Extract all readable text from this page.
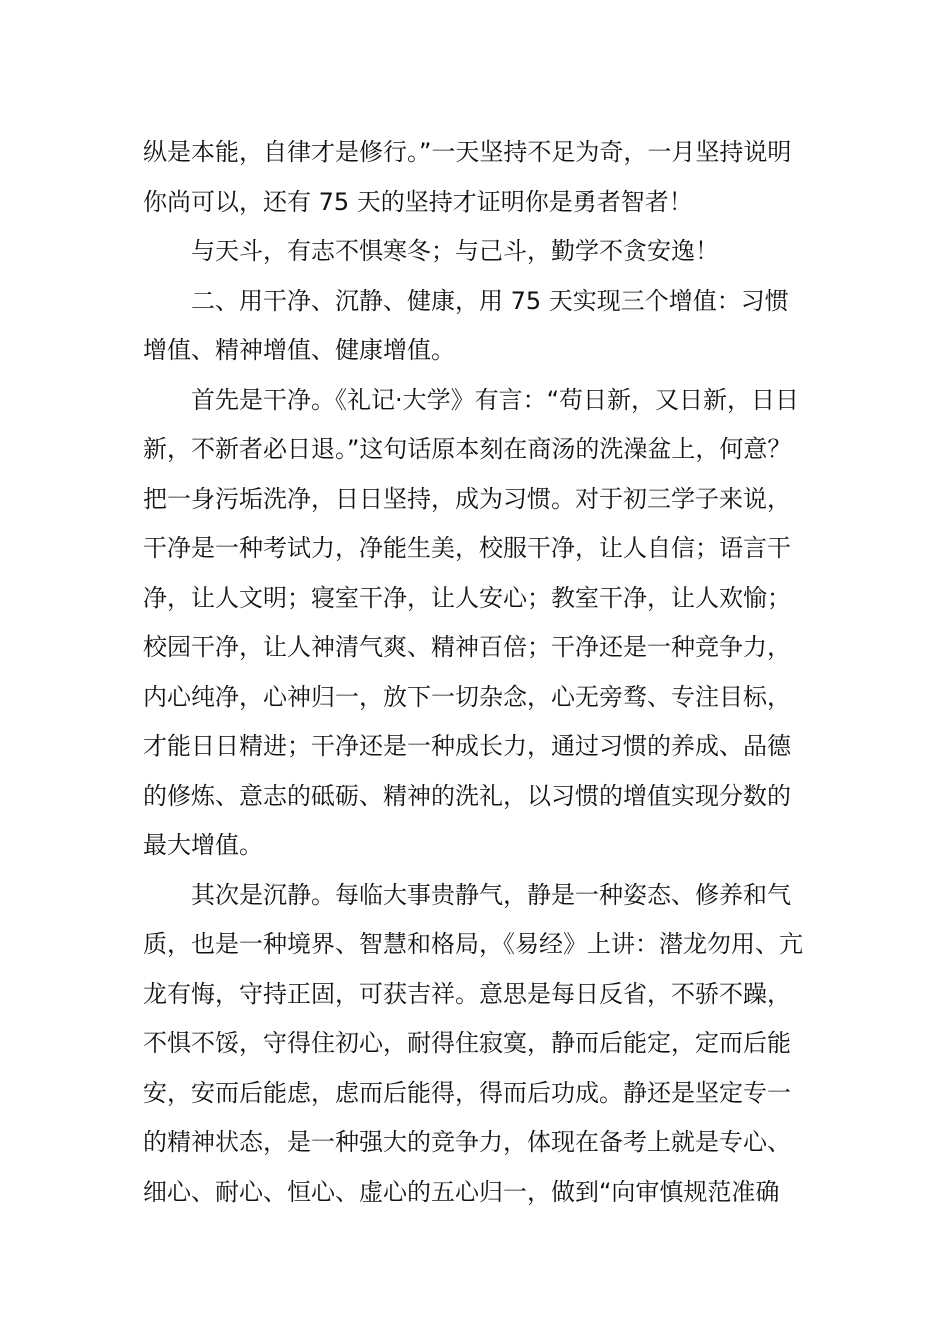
纵是本能，自律才是修行。”一天坚持不足为奇，一月坚持说明你尚可以，还有 75 天的坚持才证明你是勇者智者！

与天斗，有志不惧寒冬；与己斗，勤学不贪安逸！

二、用干净、沉静、健康，用 75 天实现三个增值：习惯增值、精神增值、健康增值。

首先是干净。《礼记·大学》有言：“苟日新，又日新，日日新，不新者必日退。”这句话原本刻在商汤的洗澡盆上，何意？把一身污垢洗净，日日坚持，成为习惯。对于初三学子来说，干净是一种考试力，净能生美，校服干净，让人自信；语言干净，让人文明；寝室干净，让人安心；教室干净，让人欢愉；校园干净，让人神清气爽、精神百倍；干净还是一种竞争力，内心纯净，心神归一，放下一切杂念，心无旁骛、专注目标，才能日日精进；干净还是一种成长力，通过习惯的养成、品德的修炼、意志的砥砺、精神的洗礼，以习惯的增值实现分数的最大增值。

其次是沉静。每临大事贵静气，静是一种姿态、修养和气质，也是一种境界、智慧和格局，《易经》上讲：潜龙勿用、亢龙有悔，守持正固，可获吉祥。意思是每日反省，不骄不躁，不惧不馁，守得住初心，耐得住寂寞，静而后能定，定而后能安，安而后能虑，虑而后能得，得而后功成。静还是坚定专一的精神状态，是一种强大的竞争力，体现在备考上就是专心、细心、耐心、恒心、虚心的五心归一，做到“向审慎规范准确
